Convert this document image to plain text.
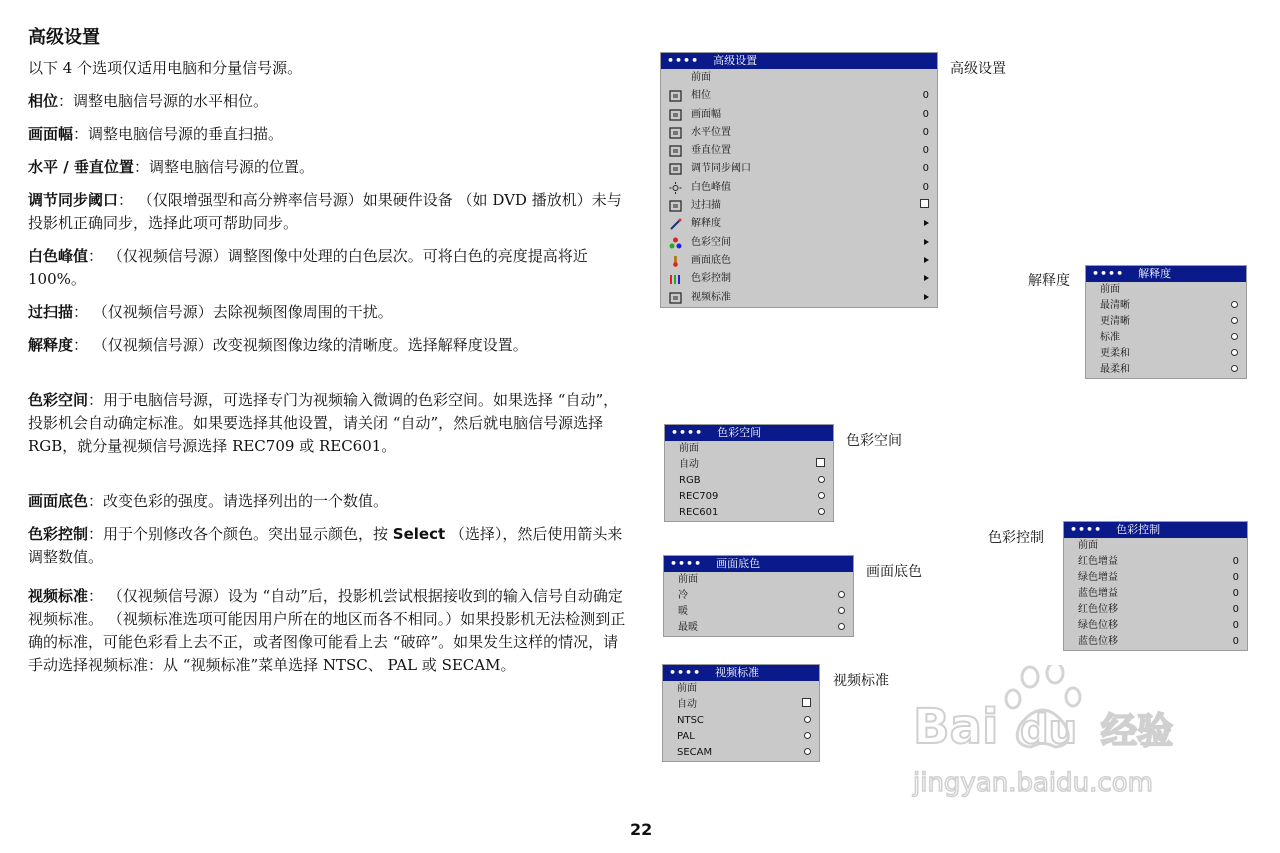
高级设置
以下 4 个选项仅适用电脑和分量信号源。
相位：调整电脑信号源的水平相位。
画面幅：调整电脑信号源的垂直扫描。
水平 / 垂直位置：调整电脑信号源的位置。
调节同步阈口： （仅限增强型和高分辨率信号源）如果硬件设备 （如 DVD 播放机）未与投影机正确同步，选择此项可帮助同步。
白色峰值： （仅视频信号源）调整图像中处理的白色层次。可将白色的亮度提高将近 100%。
过扫描： （仅视频信号源）去除视频图像周围的干扰。
解释度： （仅视频信号源）改变视频图像边缘的清晰度。选择解释度设置。
色彩空间：用于电脑信号源，可选择专门为视频输入微调的色彩空间。如果选择 “自动”，投影机会自动确定标准。如果要选择其他设置，请关闭 “自动”，然后就电脑信号源选择 RGB，就分量视频信号源选择 REC709 或 REC601。
画面底色：改变色彩的强度。请选择列出的一个数值。
色彩控制：用于个别修改各个颜色。突出显示颜色，按 Select （选择），然后使用箭头来调整数值。
视频标准： （仅视频信号源）设为 “自动”后，投影机尝试根据接收到的输入信号自动确定视频标准。 （视频标准选项可能因用户所在的地区而各不相同。）如果投影机无法检测到正确的标准，可能色彩看上去不正，或者图像可能看上去 “破碎”。如果发生这样的情况，请手动选择视频标准：从 “视频标准”菜单选择 NTSC、 PAL 或 SECAM。
•••• 高级设置
前面
相位	0
画面幅	0
水平位置	0
垂直位置	0
调节同步阈口	0
白色峰值	0
过扫描
解释度
色彩空间
画面底色
色彩控制
视频标准
高级设置
解释度	•••• 解释度
前面
最清晰
更清晰
标准
更柔和
最柔和
•••• 色彩空间
前面
自动
RGB
REC709
REC601
色彩空间
•••• 画面底色
前面
冷
暖
最暖
画面底色
色彩控制
•••• 色彩控制
前面
红色增益	0
绿色增益	0
蓝色增益	0
红色位移	0
绿色位移	0
蓝色位移	0
•••• 视频标准
前面
自动
NTSC
PAL
SECAM
视频标准
Bai du 经验
jingyan.baidu.com
22
